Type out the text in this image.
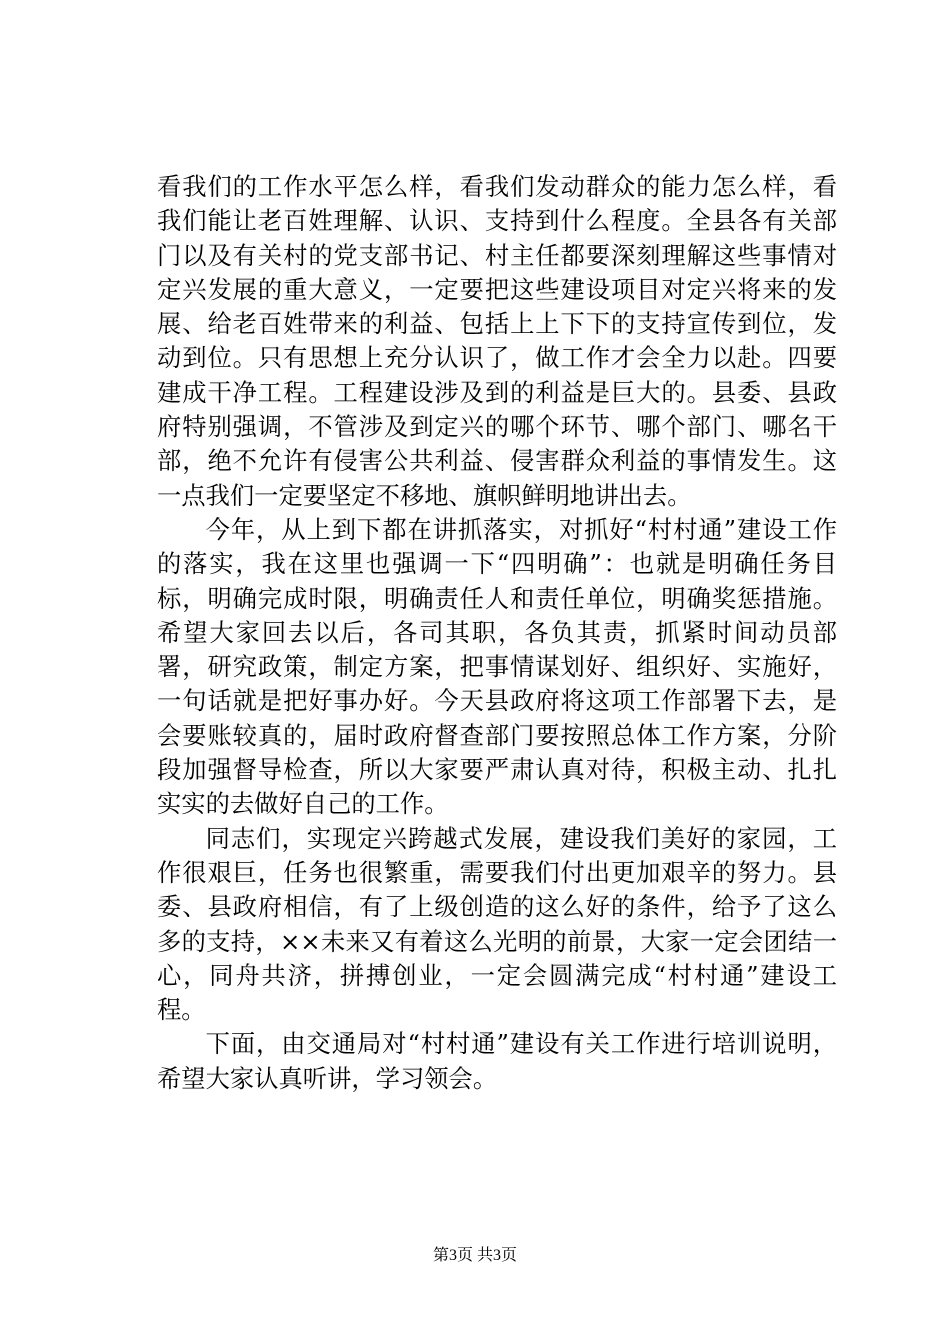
看我们的工作水平怎么样，看我们发动群众的能力怎么样，看我们能让老百姓理解、认识、支持到什么程度。全县各有关部门以及有关村的党支部书记、村主任都要深刻理解这些事情对定兴发展的重大意义，一定要把这些建设项目对定兴将来的发展、给老百姓带来的利益、包括上上下下的支持宣传到位，发动到位。只有思想上充分认识了，做工作才会全力以赴。四要建成干净工程。工程建设涉及到的利益是巨大的。县委、县政府特别强调，不管涉及到定兴的哪个环节、哪个部门、哪名干部，绝不允许有侵害公共利益、侵害群众利益的事情发生。这一点我们一定要坚定不移地、旗帜鲜明地讲出去。

今年，从上到下都在讲抓落实，对抓好“村村通”建设工作的落实，我在这里也强调一下“四明确”：也就是明确任务目标，明确完成时限，明确责任人和责任单位，明确奖惩措施。希望大家回去以后，各司其职，各负其责，抓紧时间动员部署，研究政策，制定方案，把事情谋划好、组织好、实施好，一句话就是把好事办好。今天县政府将这项工作部署下去，是会要账较真的，届时政府督查部门要按照总体工作方案，分阶段加强督导检查，所以大家要严肃认真对待，积极主动、扎扎实实的去做好自己的工作。

同志们，实现定兴跨越式发展，建设我们美好的家园，工作很艰巨，任务也很繁重，需要我们付出更加艰辛的努力。县委、县政府相信，有了上级创造的这么好的条件，给予了这么多的支持，××未来又有着这么光明的前景，大家一定会团结一心，同舟共济，拼搏创业，一定会圆满完成“村村通”建设工程。

下面，由交通局对“村村通”建设有关工作进行培训说明，希望大家认真听讲，学习领会。

第3页 共3页
